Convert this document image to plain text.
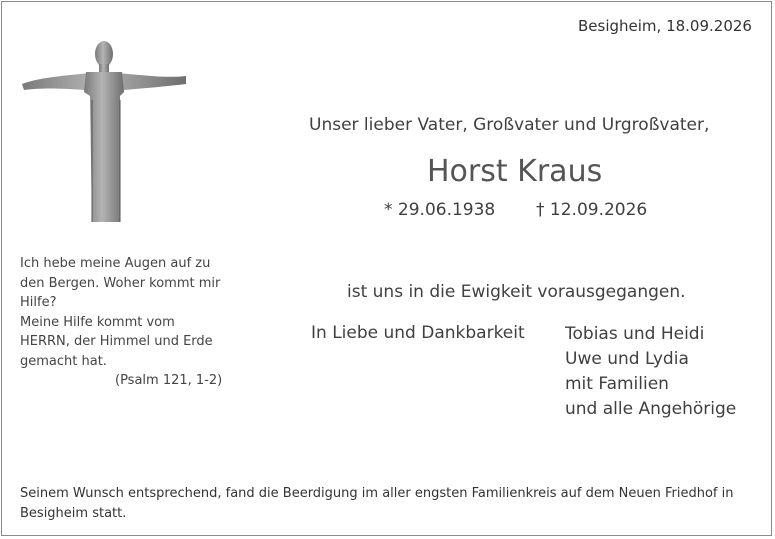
Besigheim, 18.09.2026
Unser lieber Vater, Großvater und Urgroßvater,
Horst Kraus
* 29.06.1938 † 12.09.2026
Ich hebe meine Augen auf zu
den Bergen. Woher kommt mir
Hilfe?
Meine Hilfe kommt vom
HERRN, der Himmel und Erde
gemacht hat.
(Psalm 121, 1-2)
ist uns in die Ewigkeit vorausgegangen.
In Liebe und Dankbarkeit Tobias und Heidi
Uwe und Lydia
mit Familien
und alle Angehörige
Seinem Wunsch entsprechend, fand die Beerdigung im aller engsten Familienkreis auf dem Neuen Friedhof in
Besigheim statt.
